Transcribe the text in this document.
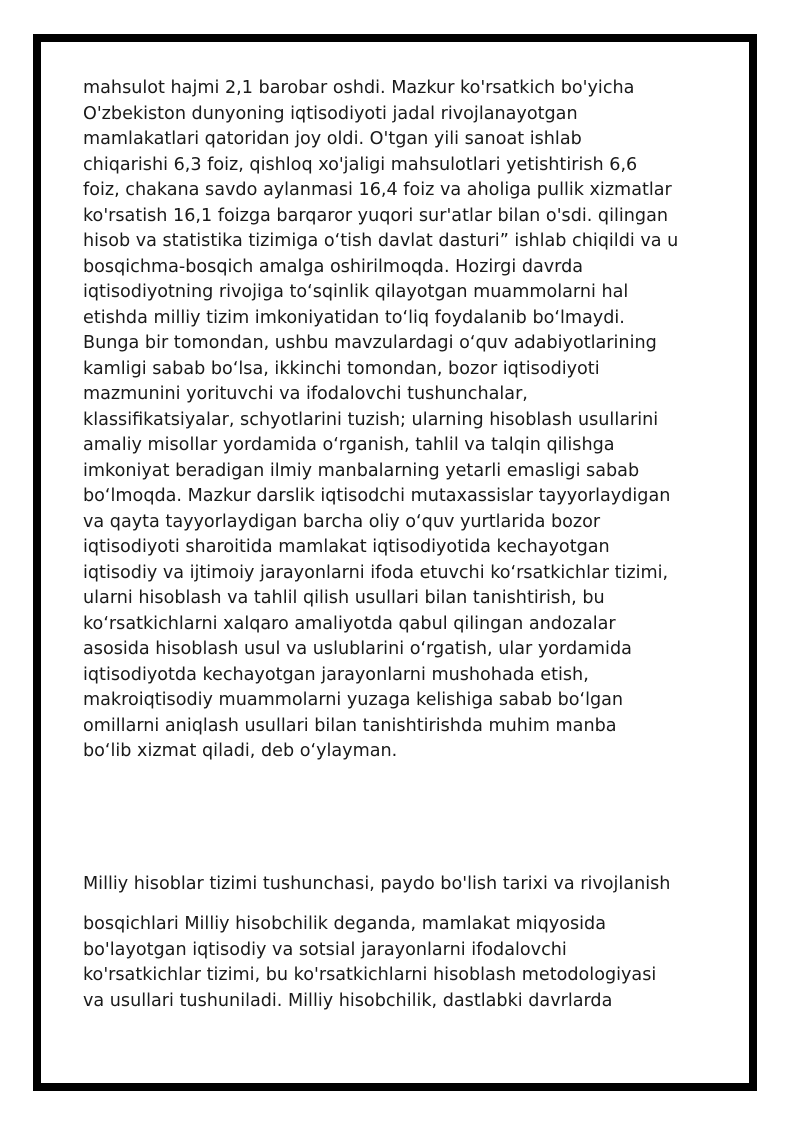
mahsulot hajmi 2,1 barobar oshdi. Mazkur ko'rsatkich bo'yicha
O'zbekiston dunyoning iqtisodiyoti jadal rivojlanayotgan
mamlakatlari qatoridan joy oldi. O'tgan yili sanoat ishlab
chiqarishi 6,3 foiz, qishloq xo'jaligi mahsulotlari yetishtirish 6,6
foiz, chakana savdo aylanmasi 16,4 foiz va aholiga pullik xizmatlar
ko'rsatish 16,1 foizga barqaror yuqori sur'atlar bilan o'sdi. qilingan
hisob va statistika tizimiga o‘tish davlat dasturi” ishlab chiqildi va u
bosqichma-bosqich amalga oshirilmoqda. Hozirgi davrda
iqtisodiyotning rivojiga to‘sqinlik qilayotgan muammolarni hal
etishda milliy tizim imkoniyatidan to‘liq foydalanib bo‘lmaydi.
Bunga bir tomondan, ushbu mavzulardagi o‘quv adabiyotlarining
kamligi sabab bo‘lsa, ikkinchi tomondan, bozor iqtisodiyoti
mazmunini yorituvchi va ifodalovchi tushunchalar,
klassifikatsiyalar, schyotlarini tuzish; ularning hisoblash usullarini
amaliy misollar yordamida o‘rganish, tahlil va talqin qilishga
imkoniyat beradigan ilmiy manbalarning yetarli emasligi sabab
bo‘lmoqda. Mazkur darslik iqtisodchi mutaxassislar tayyorlaydigan
va qayta tayyorlaydigan barcha oliy o‘quv yurtlarida bozor
iqtisodiyoti sharoitida mamlakat iqtisodiyotida kechayotgan
iqtisodiy va ijtimoiy jarayonlarni ifoda etuvchi ko‘rsatkichlar tizimi,
ularni hisoblash va tahlil qilish usullari bilan tanishtirish, bu
ko‘rsatkichlarni xalqaro amaliyotda qabul qilingan andozalar
asosida hisoblash usul va uslublarini o‘rgatish, ular yordamida
iqtisodiyotda kechayotgan jarayonlarni mushohada etish,
makroiqtisodiy muammolarni yuzaga kelishiga sabab bo‘lgan
omillarni aniqlash usullari bilan tanishtirishda muhim manba
bo‘lib xizmat qiladi, deb o‘ylayman.

Milliy hisoblar tizimi tushunchasi, paydo bo'lish tarixi va rivojlanish

bosqichlari Milliy hisobchilik deganda, mamlakat miqyosida
bo'layotgan iqtisodiy va sotsial jarayonlarni ifodalovchi
ko'rsatkichlar tizimi, bu ko'rsatkichlarni hisoblash metodologiyasi
va usullari tushuniladi. Milliy hisobchilik, dastlabki davrlarda
